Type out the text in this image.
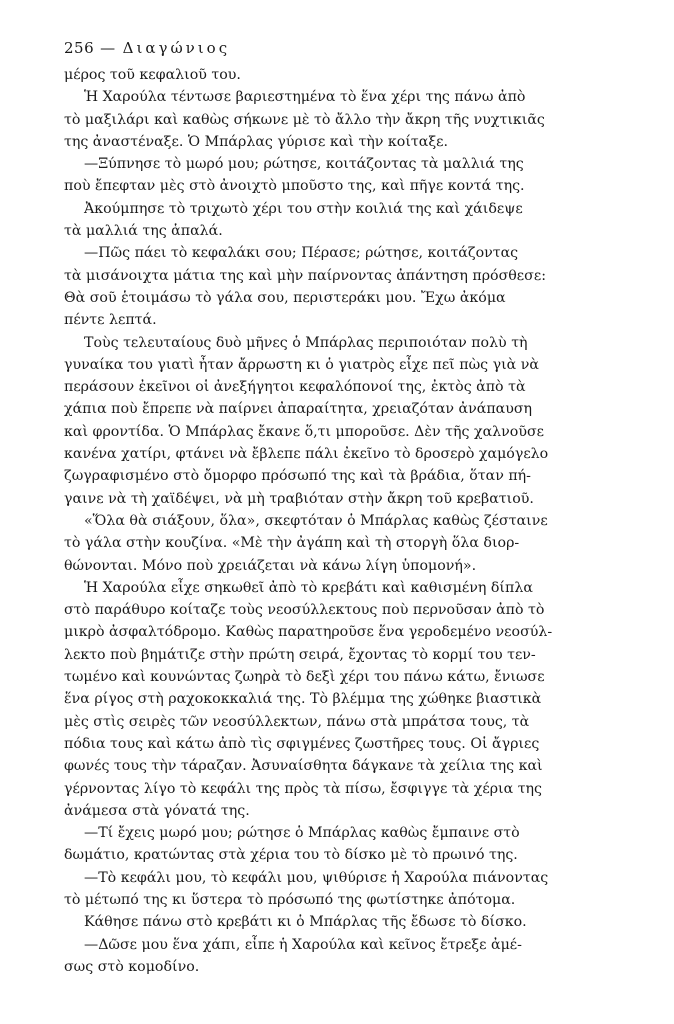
256 — Διαγώνιος
μέρος τοῦ κεφαλιοῦ του.
Ἡ Χαρούλα τέντωσε βαριεστημένα τὸ ἕνα χέρι της πάνω ἀπὸ
τὸ μαξιλάρι καὶ καθὼς σήκωνε μὲ τὸ ἄλλο τὴν ἄκρη τῆς νυχτικιᾶς
της ἀναστέναξε. Ὁ Μπάρλας γύρισε καὶ τὴν κοίταξε.
—Ξύπνησε τὸ μωρό μου; ρώτησε, κοιτάζοντας τὰ μαλλιά της
ποὺ ἔπεφταν μὲς στὸ ἀνοιχτὸ μποῦστο της, καὶ πῆγε κοντά της.
Ἀκούμπησε τὸ τριχωτὸ χέρι του στὴν κοιλιά της καὶ χάιδεψε
τὰ μαλλιά της ἁπαλά.
—Πῶς πάει τὸ κεφαλάκι σου; Πέρασε; ρώτησε, κοιτάζοντας
τὰ μισάνοιχτα μάτια της καὶ μὴν παίρνοντας ἀπάντηση πρόσθεσε:
Θὰ σοῦ ἑτοιμάσω τὸ γάλα σου, περιστεράκι μου. Ἔχω ἀκόμα
πέντε λεπτά.
Τοὺς τελευταίους δυὸ μῆνες ὁ Μπάρλας περιποιόταν πολὺ τὴ
γυναίκα του γιατὶ ἦταν ἄρρωστη κι ὁ γιατρὸς εἶχε πεῖ πὼς γιὰ νὰ
περάσουν ἐκεῖνοι οἱ ἀνεξήγητοι κεφαλόπονοί της, ἐκτὸς ἀπὸ τὰ
χάπια ποὺ ἔπρεπε νὰ παίρνει ἀπαραίτητα, χρειαζόταν ἀνάπαυση
καὶ φροντίδα. Ὁ Μπάρλας ἔκανε ὅ,τι μποροῦσε. Δὲν τῆς χαλνοῦσε
κανένα χατίρι, φτάνει νὰ ἔβλεπε πάλι ἐκεῖνο τὸ δροσερὸ χαμόγελο
ζωγραφισμένο στὸ ὄμορφο πρόσωπό της καὶ τὰ βράδια, ὅταν πή-
γαινε νὰ τὴ χαϊδέψει, νὰ μὴ τραβιόταν στὴν ἄκρη τοῦ κρεβατιοῦ.
«Ὅλα θὰ σιάξουν, ὅλα», σκεφτόταν ὁ Μπάρλας καθὼς ζέσταινε
τὸ γάλα στὴν κουζίνα. «Μὲ τὴν ἀγάπη καὶ τὴ στοργὴ ὅλα διορ-
θώνονται. Μόνο ποὺ χρειάζεται νὰ κάνω λίγη ὑπομονή».
Ἡ Χαρούλα εἶχε σηκωθεῖ ἀπὸ τὸ κρεβάτι καὶ καθισμένη δίπλα
στὸ παράθυρο κοίταζε τοὺς νεοσύλλεκτους ποὺ περνοῦσαν ἀπὸ τὸ
μικρὸ ἀσφαλτόδρομο. Καθὼς παρατηροῦσε ἕνα γεροδεμένο νεοσύλ-
λεκτο ποὺ βημάτιζε στὴν πρώτη σειρά, ἔχοντας τὸ κορμί του τεν-
τωμένο καὶ κουνώντας ζωηρὰ τὸ δεξὶ χέρι του πάνω κάτω, ἔνιωσε
ἕνα ρίγος στὴ ραχοκοκκαλιά της. Τὸ βλέμμα της χώθηκε βιαστικὰ
μὲς στὶς σειρὲς τῶν νεοσύλλεκτων, πάνω στὰ μπράτσα τους, τὰ
πόδια τους καὶ κάτω ἀπὸ τὶς σφιγμένες ζωστῆρες τους. Οἱ ἄγριες
φωνές τους τὴν τάραζαν. Ἀσυναίσθητα δάγκανε τὰ χείλια της καὶ
γέρνοντας λίγο τὸ κεφάλι της πρὸς τὰ πίσω, ἔσφιγγε τὰ χέρια της
ἀνάμεσα στὰ γόνατά της.
—Τί ἔχεις μωρό μου; ρώτησε ὁ Μπάρλας καθὼς ἔμπαινε στὸ
δωμάτιο, κρατώντας στὰ χέρια του τὸ δίσκο μὲ τὸ πρωινό της.
—Τὸ κεφάλι μου, τὸ κεφάλι μου, ψιθύρισε ἡ Χαρούλα πιάνοντας
τὸ μέτωπό της κι ὕστερα τὸ πρόσωπό της φωτίστηκε ἀπότομα.
Κάθησε πάνω στὸ κρεβάτι κι ὁ Μπάρλας τῆς ἔδωσε τὸ δίσκο.
—Δῶσε μου ἕνα χάπι, εἶπε ἡ Χαρούλα καὶ κεῖνος ἔτρεξε ἀμέ-
σως στὸ κομοδίνο.
